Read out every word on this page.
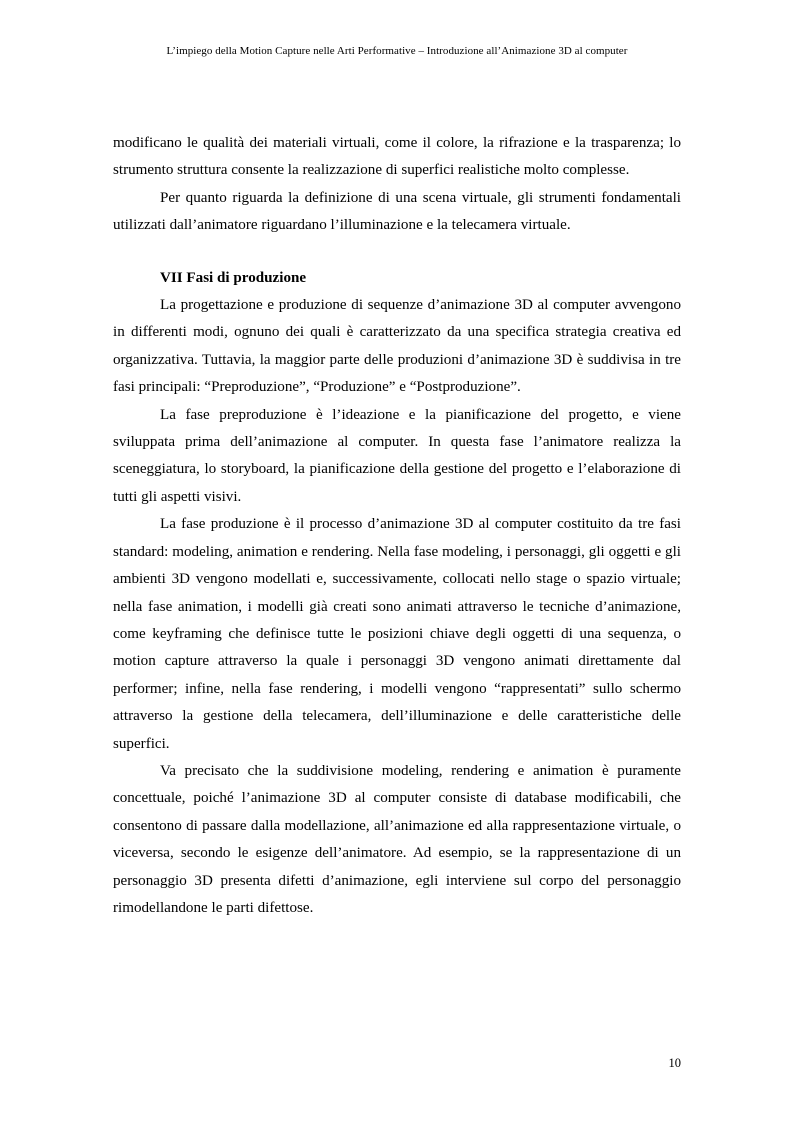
L’impiego della Motion Capture nelle Arti Performative – Introduzione all’Animazione 3D al computer

modificano le qualità dei materiali virtuali, come il colore, la rifrazione e la trasparenza; lo strumento struttura consente la realizzazione di superfici realistiche molto complesse.

Per quanto riguarda la definizione di una scena virtuale, gli strumenti fondamentali utilizzati dall’animatore riguardano l’illuminazione e la telecamera virtuale.

VII Fasi di produzione

La progettazione e produzione di sequenze d’animazione 3D al computer avvengono in differenti modi, ognuno dei quali è caratterizzato da una specifica strategia creativa ed organizzativa. Tuttavia, la maggior parte delle produzioni d’animazione 3D è suddivisa in tre fasi principali: “Preproduzione”, “Produzione” e “Postproduzione”.

La fase preproduzione è l’ideazione e la pianificazione del progetto, e viene sviluppata prima dell’animazione al computer. In questa fase l’animatore realizza la sceneggiatura, lo storyboard, la pianificazione della gestione del progetto e l’elaborazione di tutti gli aspetti visivi.

La fase produzione è il processo d’animazione 3D al computer costituito da tre fasi standard: modeling, animation e rendering. Nella fase modeling, i personaggi, gli oggetti e gli ambienti 3D vengono modellati e, successivamente, collocati nello stage o spazio virtuale; nella fase animation, i modelli già creati sono animati attraverso le tecniche d’animazione, come keyframing che definisce tutte le posizioni chiave degli oggetti di una sequenza, o motion capture attraverso la quale i personaggi 3D vengono animati direttamente dal performer; infine, nella fase rendering, i modelli vengono “rappresentati” sullo schermo attraverso la gestione della telecamera, dell’illuminazione e delle caratteristiche delle superfici.

Va precisato che la suddivisione modeling, rendering e animation è puramente concettuale, poiché l’animazione 3D al computer consiste di database modificabili, che consentono di passare dalla modellazione, all’animazione ed alla rappresentazione virtuale, o viceversa, secondo le esigenze dell’animatore. Ad esempio, se la rappresentazione di un personaggio 3D presenta difetti d’animazione, egli interviene sul corpo del personaggio rimodellandone le parti difettose.

10
